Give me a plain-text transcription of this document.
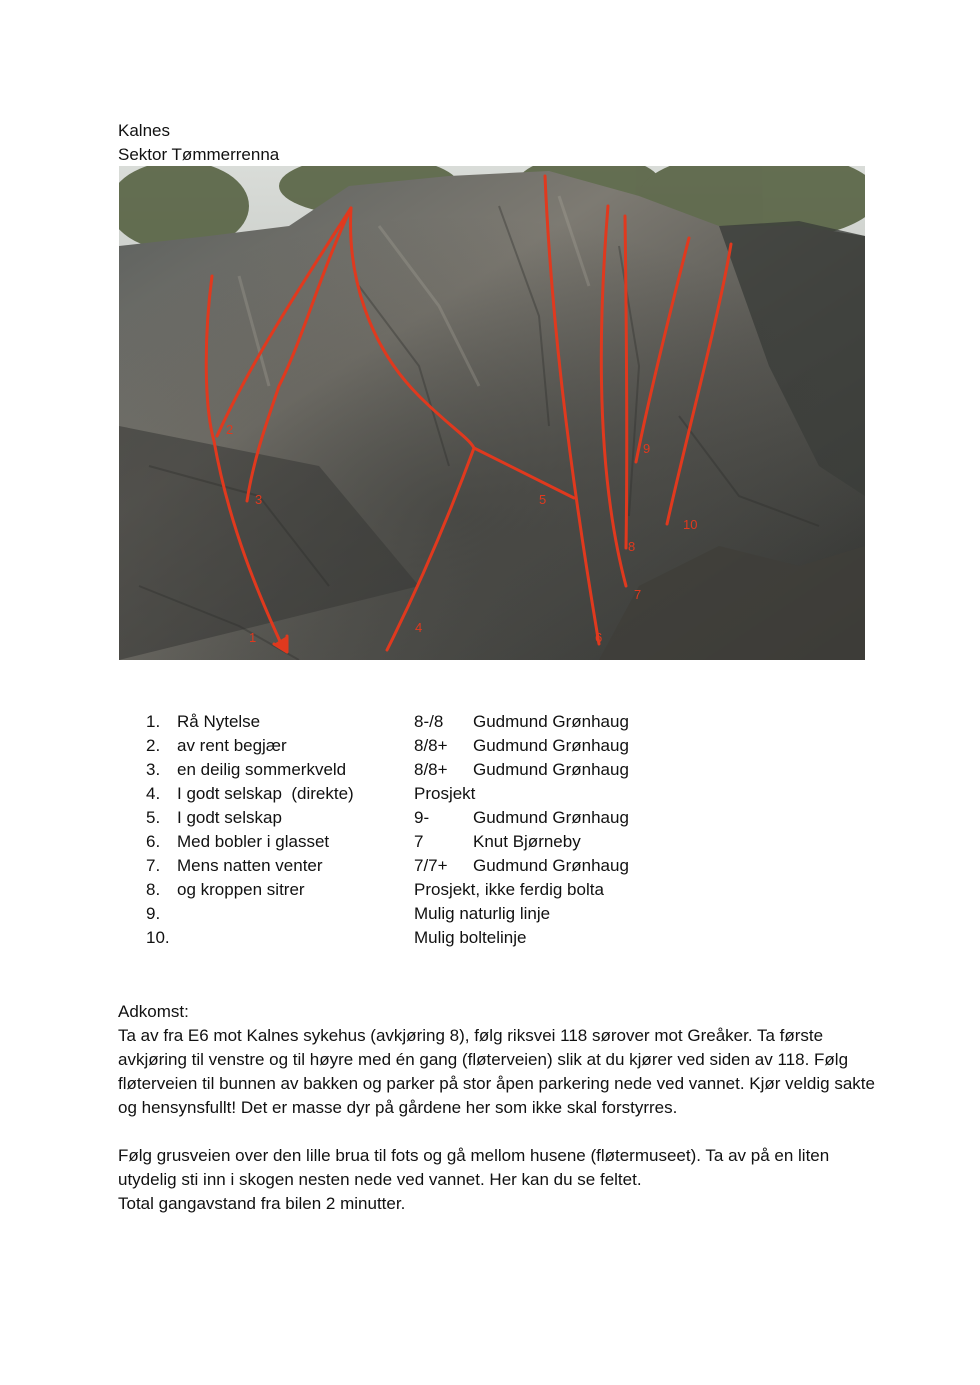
Kalnes
Sektor Tømmerrenna
1
2
3
4
5
6
7
8
9
10
1. Rå Nytelse	8-/8 Gudmund Grønhaug
2. av rent begjær	8/8+ Gudmund Grønhaug
3. en deilig sommerkveld	8/8+ Gudmund Grønhaug
4. I godt selskap  (direkte)	Prosjekt
5. I godt selskap	9-	Gudmund Grønhaug
6. Med bobler i glasset	7	Knut Bjørneby
7. Mens natten venter	7/7+ Gudmund Grønhaug
8. og kroppen sitrer	Prosjekt, ikke ferdig bolta
9.	Mulig naturlig linje
10.	Mulig boltelinje

Adkomst:

Ta av fra E6 mot Kalnes sykehus (avkjøring 8), følg riksvei 118 sørover mot Greåker. Ta første avkjøring til venstre og til høyre med én gang (fløterveien) slik at du kjører ved siden av 118. Følg fløterveien til bunnen av bakken og parker på stor åpen parkering nede ved vannet. Kjør veldig sakte og hensynsfullt! Det er masse dyr på gårdene her som ikke skal forstyrres.

Følg grusveien over den lille brua til fots og gå mellom husene (fløtermuseet). Ta av på en liten utydelig sti inn i skogen nesten nede ved vannet. Her kan du se feltet.

Total gangavstand fra bilen 2 minutter.
